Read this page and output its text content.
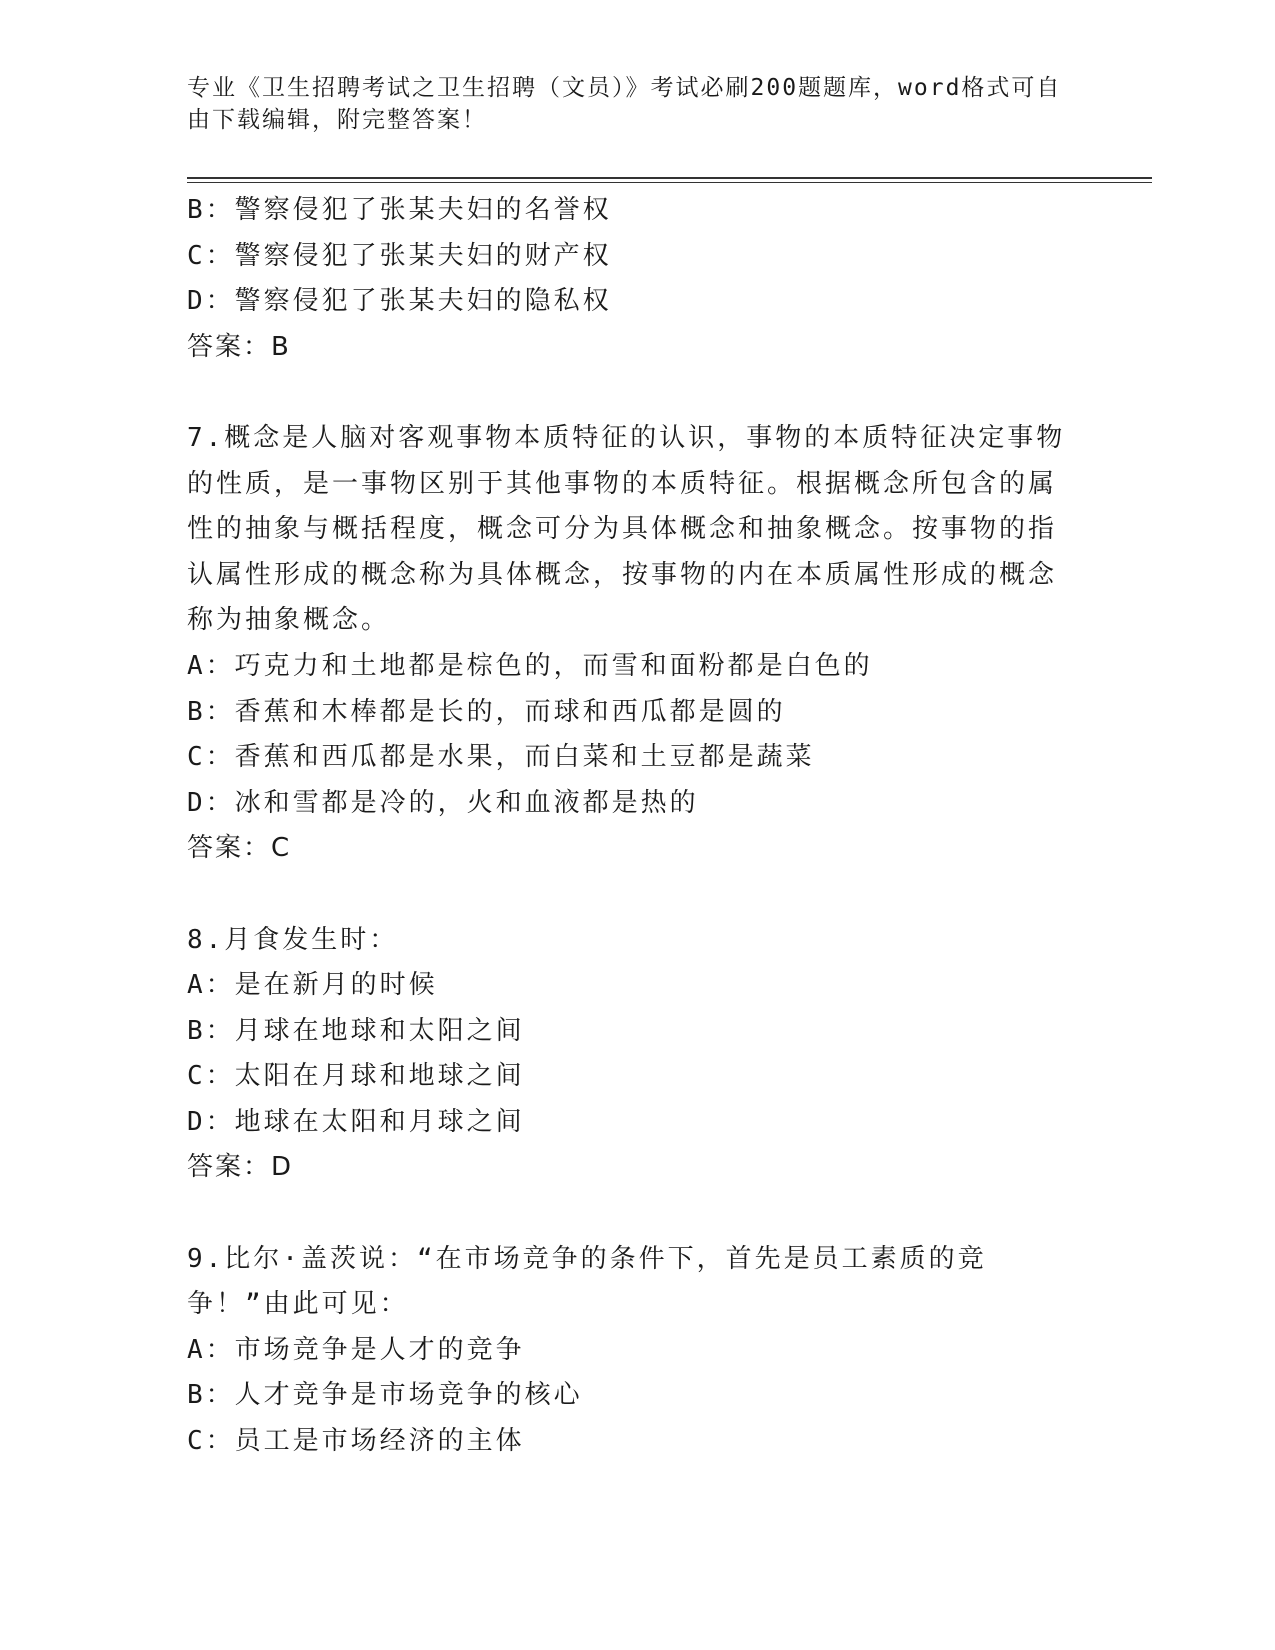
专业《卫生招聘考试之卫生招聘（文员）》考试必刷200题题库，word格式可自由下载编辑，附完整答案！

B：警察侵犯了张某夫妇的名誉权

C：警察侵犯了张某夫妇的财产权

D：警察侵犯了张某夫妇的隐私权

答案：B

7.概念是人脑对客观事物本质特征的认识，事物的本质特征决定事物的性质，是一事物区别于其他事物的本质特征。根据概念所包含的属性的抽象与概括程度，概念可分为具体概念和抽象概念。按事物的指认属性形成的概念称为具体概念，按事物的内在本质属性形成的概念称为抽象概念。

A：巧克力和土地都是棕色的，而雪和面粉都是白色的

B：香蕉和木棒都是长的，而球和西瓜都是圆的

C：香蕉和西瓜都是水果，而白菜和土豆都是蔬菜

D：冰和雪都是冷的，火和血液都是热的

答案：C

8.月食发生时：

A：是在新月的时候

B：月球在地球和太阳之间

C：太阳在月球和地球之间

D：地球在太阳和月球之间

答案：D

9.比尔·盖茨说：“在市场竞争的条件下，首先是员工素质的竞争！”由此可见：

A：市场竞争是人才的竞争

B：人才竞争是市场竞争的核心

C：员工是市场经济的主体
